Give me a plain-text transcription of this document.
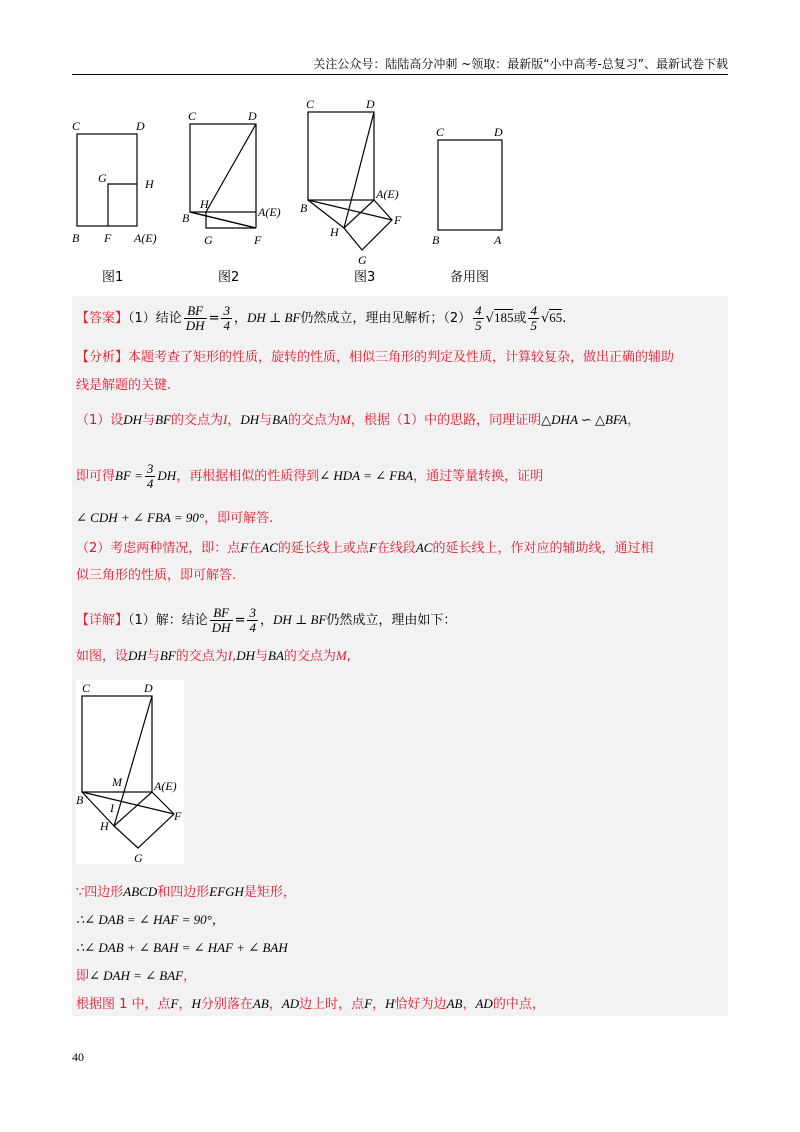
关注公众号：陆陆高分冲刺 ~领取：最新版“小中高考-总复习”、最新试卷下载
C	D
G	H
B F A(E)
图1
C	D
H
A(E)
B
G	F
图2
C	D
A(E)
B
F
H
G
图3
C	D
B	A
备用图
【答案】（1）结论 $\frac{BF}{DH} = \frac{3}{4}$ ，DH ⊥ BF仍然成立，理由见解析；$(2) \frac{4}{5} √185$或 $\frac{4}{5} √65$.
【分析】本题考查了矩形的性质，旋转的性质，相似三角形的判定及性质，计算较复杂，做出正确的辅助
线是解题的关键.
（1）设DH与BF的交点为I，DH与BA的交点为M，根据（1）中的思路，同理证明△DHA ∽ △BFA，
即可得BF = $\frac{3}{4}$ DH，再根据相似的性质得到∠ HDA = ∠ FBA，通过等量转换，证明
∠ CDH + ∠ FBA = 90°，即可解答.
（2）考虑两种情况，即：点F在AC的延长线上或点F在线段AC的延长线上，作对应的辅助线，通过相
似三角形的性质，即可解答.
【详解】（1）解：结论 $\frac{BF}{DH} = \frac{3}{4}$ ，DH ⊥ BF仍然成立，理由如下：
如图，设DH与BF的交点为I,DH与BA的交点为M,
C	D
M	A(E)
B
I
F
H
G
∵四边形ABCD和四边形EFGH是矩形，
∴∠ DAB = ∠ HAF = 90°，
∴∠ DAB + ∠ BAH = ∠ HAF + ∠ BAH
即∠ DAH = ∠ BAF，
根据图 1 中，点F，H分别落在AB，AD边上时，点F，H恰好为边AB，AD的中点，
40
